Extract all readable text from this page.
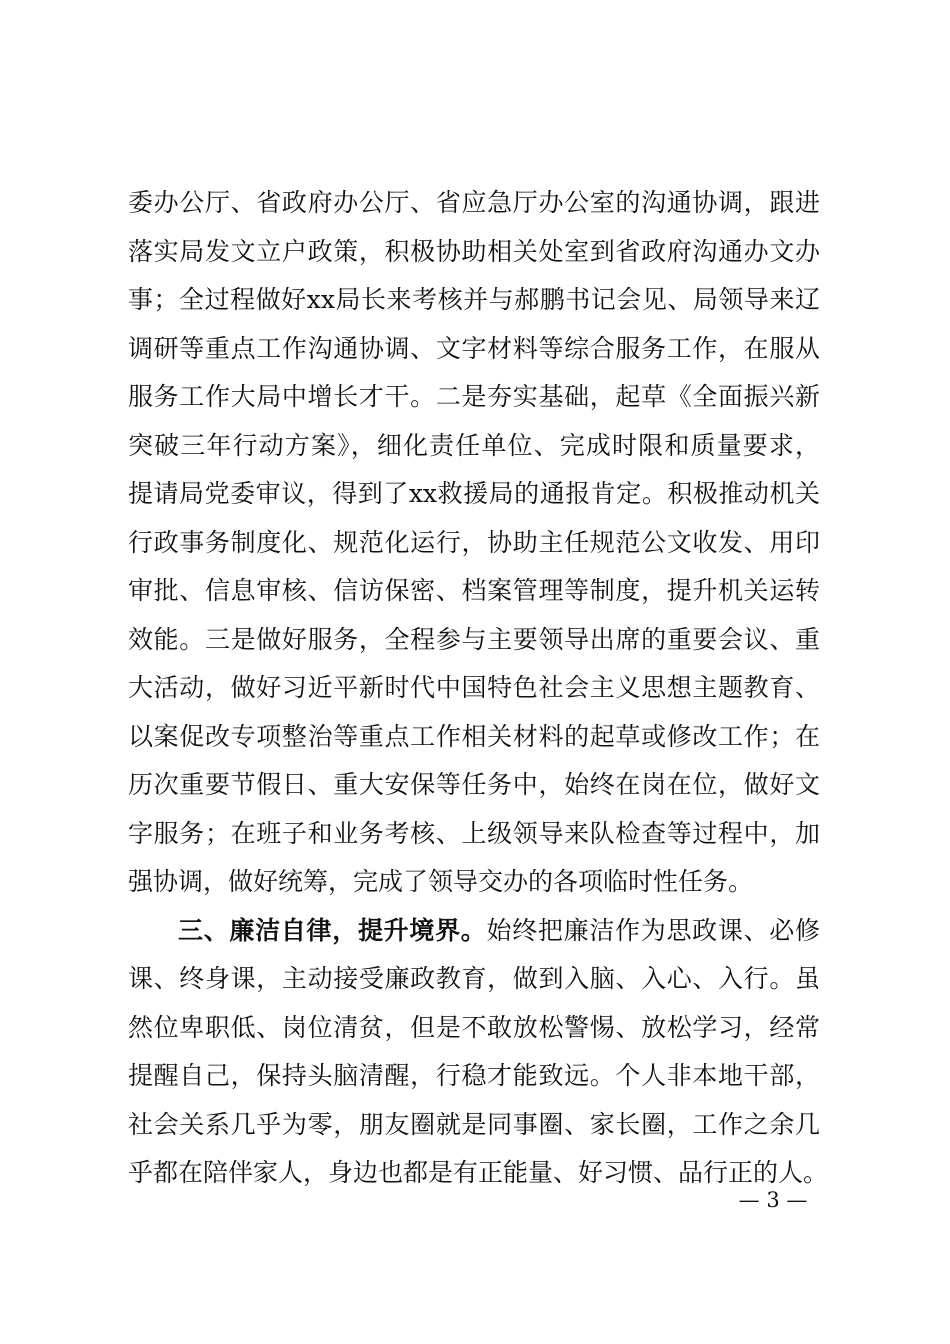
委办公厅、省政府办公厅、省应急厅办公室的沟通协调，跟进
落实局发文立户政策，积极协助相关处室到省政府沟通办文办
事；全过程做好xx局长来考核并与郝鹏书记会见、局领导来辽
调研等重点工作沟通协调、文字材料等综合服务工作，在服从
服务工作大局中增长才干。二是夯实基础，起草《全面振兴新
突破三年行动方案》，细化责任单位、完成时限和质量要求，
提请局党委审议，得到了xx救援局的通报肯定。积极推动机关
行政事务制度化、规范化运行，协助主任规范公文收发、用印
审批、信息审核、信访保密、档案管理等制度，提升机关运转
效能。三是做好服务，全程参与主要领导出席的重要会议、重
大活动，做好习近平新时代中国特色社会主义思想主题教育、
以案促改专项整治等重点工作相关材料的起草或修改工作；在
历次重要节假日、重大安保等任务中，始终在岗在位，做好文
字服务；在班子和业务考核、上级领导来队检查等过程中，加
强协调，做好统筹，完成了领导交办的各项临时性任务。
三、廉洁自律，提升境界。始终把廉洁作为思政课、必修
课、终身课，主动接受廉政教育，做到入脑、入心、入行。虽
然位卑职低、岗位清贫，但是不敢放松警惕、放松学习，经常
提醒自己，保持头脑清醒，行稳才能致远。个人非本地干部，
社会关系几乎为零，朋友圈就是同事圈、家长圈，工作之余几
乎都在陪伴家人，身边也都是有正能量、好习惯、品行正的人。
— 3 —
